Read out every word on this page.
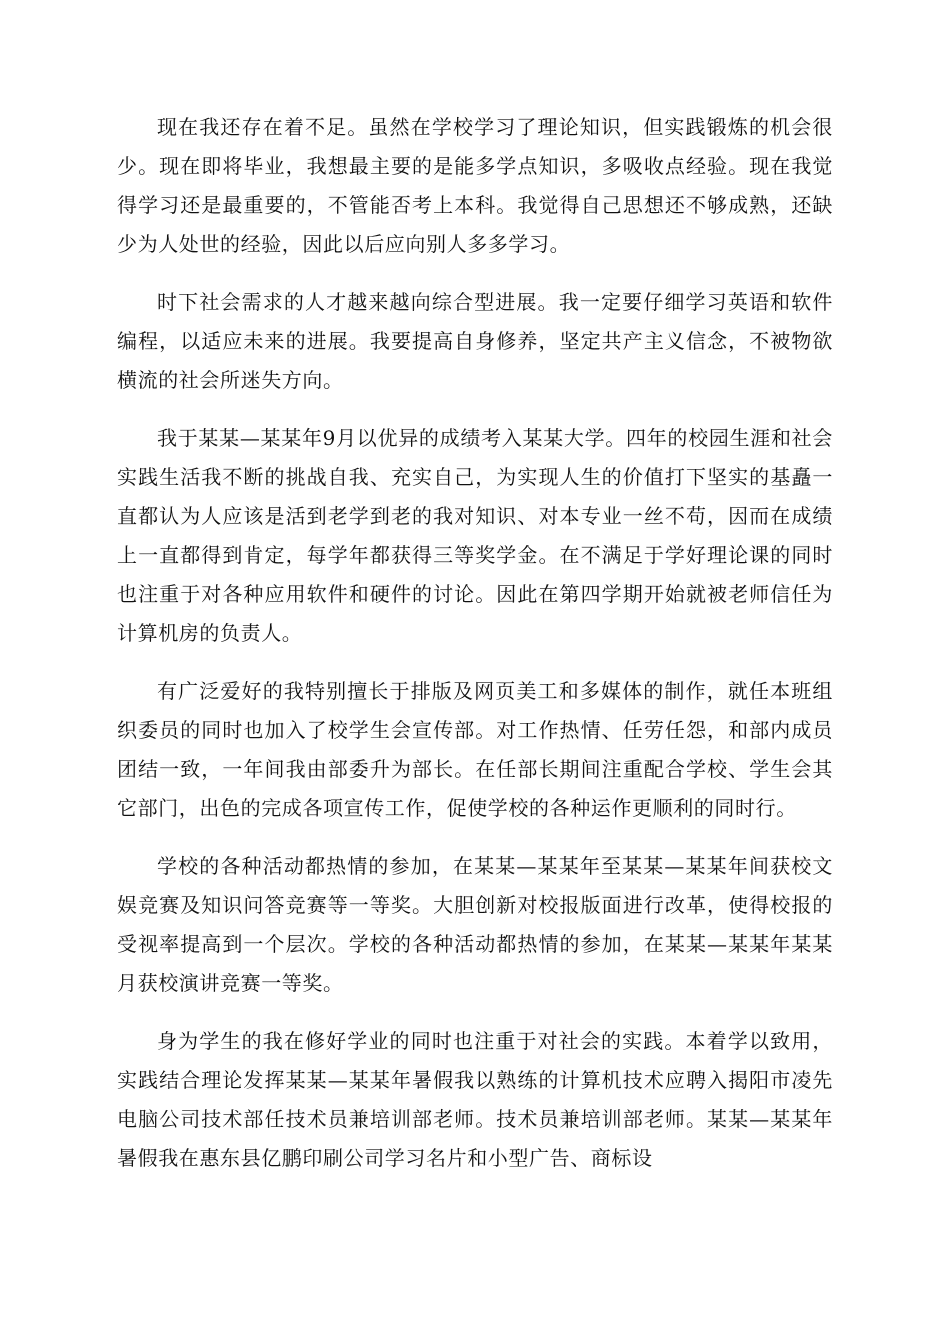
现在我还存在着不足。虽然在学校学习了理论知识，但实践锻炼的机会很少。现在即将毕业，我想最主要的是能多学点知识，多吸收点经验。现在我觉得学习还是最重要的，不管能否考上本科。我觉得自己思想还不够成熟，还缺少为人处世的经验，因此以后应向别人多多学习。

时下社会需求的人才越来越向综合型进展。我一定要仔细学习英语和软件编程，以适应未来的进展。我要提高自身修养，坚定共产主义信念，不被物欲横流的社会所迷失方向。

我于某某—某某年9月以优异的成绩考入某某大学。四年的校园生涯和社会实践生活我不断的挑战自我、充实自己，为实现人生的价值打下坚实的基矗一直都认为人应该是活到老学到老的我对知识、对本专业一丝不苟，因而在成绩上一直都得到肯定，每学年都获得三等奖学金。在不满足于学好理论课的同时也注重于对各种应用软件和硬件的讨论。因此在第四学期开始就被老师信任为计算机房的负责人。

有广泛爱好的我特别擅长于排版及网页美工和多媒体的制作，就任本班组织委员的同时也加入了校学生会宣传部。对工作热情、任劳任怨，和部内成员团结一致，一年间我由部委升为部长。在任部长期间注重配合学校、学生会其它部门，出色的完成各项宣传工作，促使学校的各种运作更顺利的同时行。

学校的各种活动都热情的参加，在某某—某某年至某某—某某年间获校文娱竞赛及知识问答竞赛等一等奖。大胆创新对校报版面进行改革，使得校报的受视率提高到一个层次。学校的各种活动都热情的参加，在某某—某某年某某月获校演讲竞赛一等奖。

身为学生的我在修好学业的同时也注重于对社会的实践。本着学以致用，实践结合理论发挥某某—某某年暑假我以熟练的计算机技术应聘入揭阳市凌先电脑公司技术部任技术员兼培训部老师。技术员兼培训部老师。某某—某某年暑假我在惠东县亿鹏印刷公司学习名片和小型广告、商标设
